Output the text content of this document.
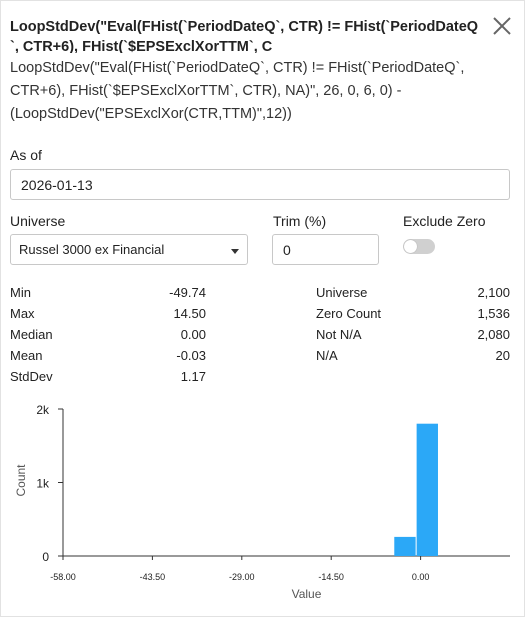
LoopStdDev("Eval(FHist(`PeriodDateQ`, CTR) != FHist(`PeriodDateQ`, CTR+6), FHist(`$EPSExclXorTTM`, C
LoopStdDev("Eval(FHist(`PeriodDateQ`, CTR) != FHist(`PeriodDateQ`, CTR+6), FHist(`$EPSExclXorTTM`, CTR), NA)", 26, 0, 6, 0) - (LoopStdDev("EPSExclXor(CTR,TTM)",12))
As of
2026-01-13
Universe
Russel 3000 ex Financial
Trim (%)
0	Exclude Zero
Min	-49.74
Max	14.50
Median	0.00
Mean	-0.03
StdDev	1.17
Universe	2,100
Zero Count	1,536
Not N/A	2,080
N/A	20
0
1k
2k
-58.00	-43.50	-29.00	-14.50	0.00
Value
Count
